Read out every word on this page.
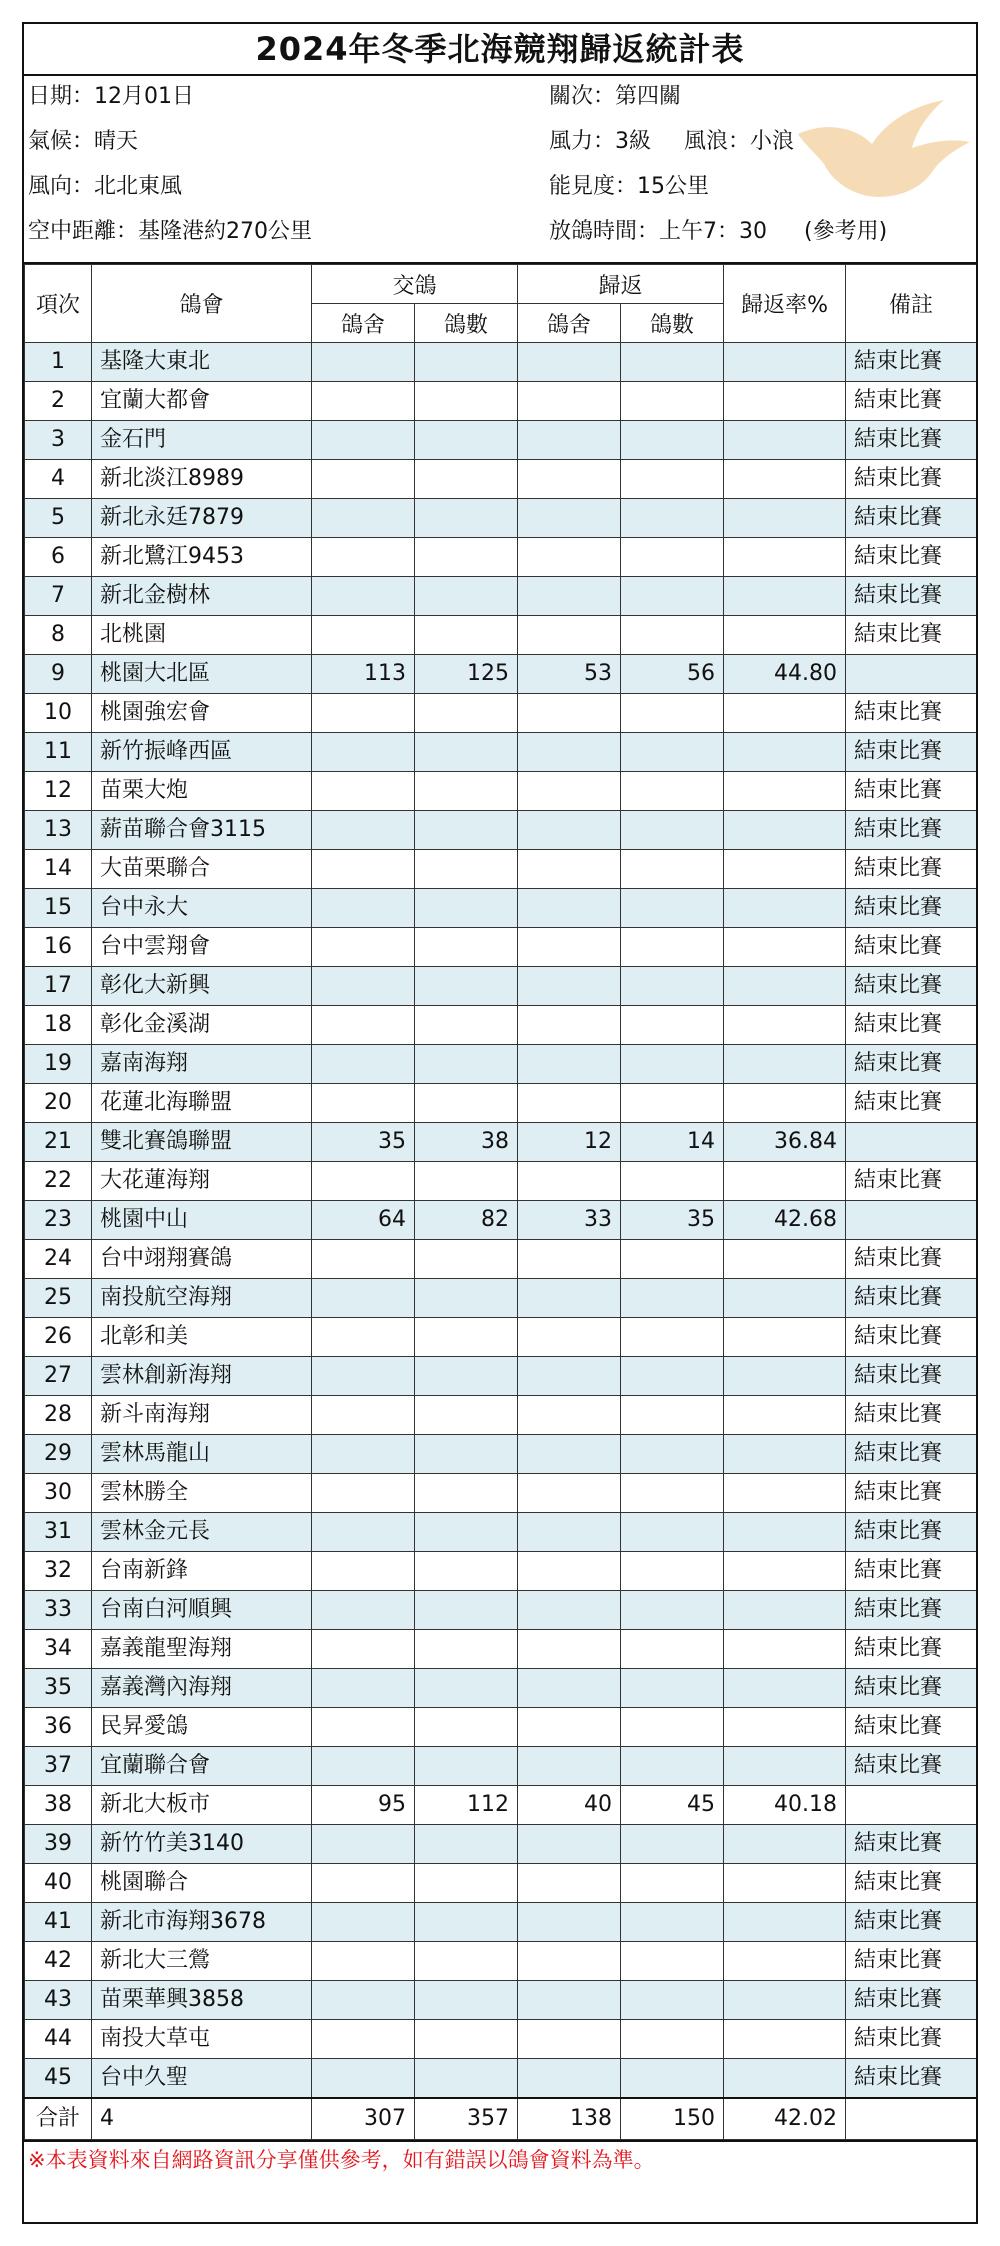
2024年冬季北海競翔歸返統計表
日期：12月01日
氣候：晴天
風向：北北東風
空中距離：基隆港約270公里
關次：第四關
風力：3級 風浪：小浪
能見度：15公里
放鴿時間：上午7：30 (參考用)
項次	鴿會	交鴿		歸返		歸返率%	備註
		鴿舍	鴿數	鴿舍	鴿數		
1	基隆大東北						結束比賽
2	宜蘭大都會						結束比賽
3	金石門						結束比賽
4	新北淡江8989						結束比賽
5	新北永廷7879						結束比賽
6	新北鷺江9453						結束比賽
7	新北金樹林						結束比賽
8	北桃園						結束比賽
9	桃園大北區	113	125	53	56	44.80	
10	桃園強宏會						結束比賽
11	新竹振峰西區						結束比賽
12	苗栗大炮						結束比賽
13	薪苗聯合會3115						結束比賽
14	大苗栗聯合						結束比賽
15	台中永大						結束比賽
16	台中雲翔會						結束比賽
17	彰化大新興						結束比賽
18	彰化金溪湖						結束比賽
19	嘉南海翔						結束比賽
20	花蓮北海聯盟						結束比賽
21	雙北賽鴿聯盟	35	38	12	14	36.84	
22	大花蓮海翔						結束比賽
23	桃園中山	64	82	33	35	42.68	
24	台中翊翔賽鴿						結束比賽
25	南投航空海翔						結束比賽
26	北彰和美						結束比賽
27	雲林創新海翔						結束比賽
28	新斗南海翔						結束比賽
29	雲林馬龍山						結束比賽
30	雲林勝全						結束比賽
31	雲林金元長						結束比賽
32	台南新鋒						結束比賽
33	台南白河順興						結束比賽
34	嘉義龍聖海翔						結束比賽
35	嘉義灣內海翔						結束比賽
36	民昇愛鴿						結束比賽
37	宜蘭聯合會						結束比賽
38	新北大板市	95	112	40	45	40.18	
39	新竹竹美3140						結束比賽
40	桃園聯合						結束比賽
41	新北市海翔3678						結束比賽
42	新北大三鶯						結束比賽
43	苗栗華興3858						結束比賽
44	南投大草屯						結束比賽
45	台中久聖						結束比賽
合計	4	307	357	138	150	42.02	
※本表資料來自網路資訊分享僅供參考，如有錯誤以鴿會資料為準。
